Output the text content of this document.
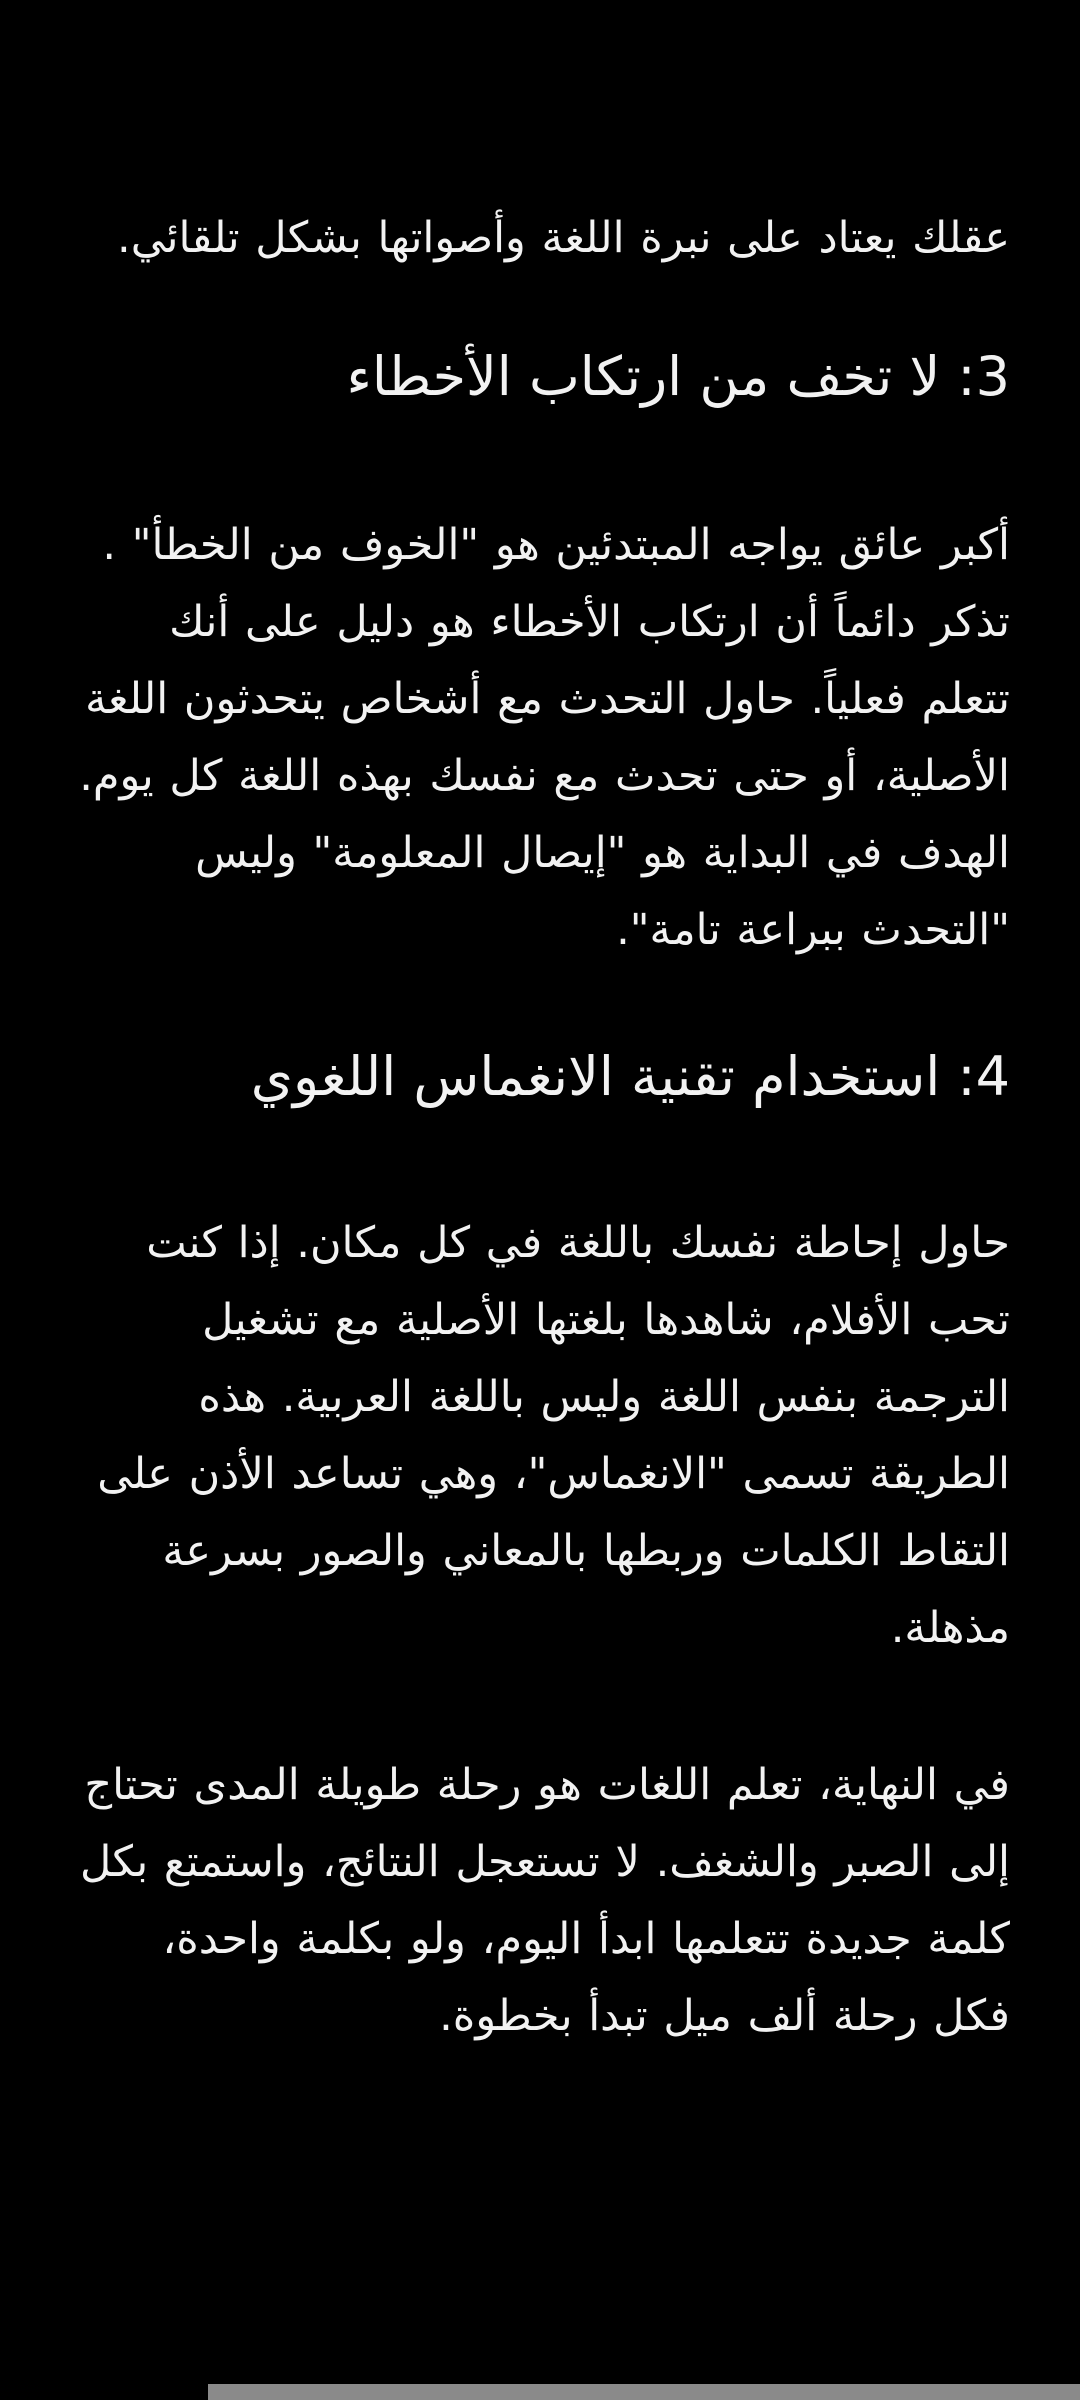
عقلك يعتاد على نبرة اللغة وأصواتها بشكل تلقائي.

3: لا تخف من ارتكاب الأخطاء

أكبر عائق يواجه المبتدئين هو "الخوف من الخطأ" . تذكر دائماً أن ارتكاب الأخطاء هو دليل على أنك تتعلم فعلياً. حاول التحدث مع أشخاص يتحدثون اللغة الأصلية، أو حتى تحدث مع نفسك بهذه اللغة كل يوم. الهدف في البداية هو "إيصال المعلومة" وليس "التحدث ببراعة تامة".

4: استخدام تقنية الانغماس اللغوي

حاول إحاطة نفسك باللغة في كل مكان. إذا كنت تحب الأفلام، شاهدها بلغتها الأصلية مع تشغيل الترجمة بنفس اللغة وليس باللغة العربية. هذه الطريقة تسمى "الانغماس"، وهي تساعد الأذن على التقاط الكلمات وربطها بالمعاني والصور بسرعة مذهلة.

في النهاية، تعلم اللغات هو رحلة طويلة المدى تحتاج إلى الصبر والشغف. لا تستعجل النتائج، واستمتع بكل كلمة جديدة تتعلمها ابدأ اليوم، ولو بكلمة واحدة، فكل رحلة ألف ميل تبدأ بخطوة.
